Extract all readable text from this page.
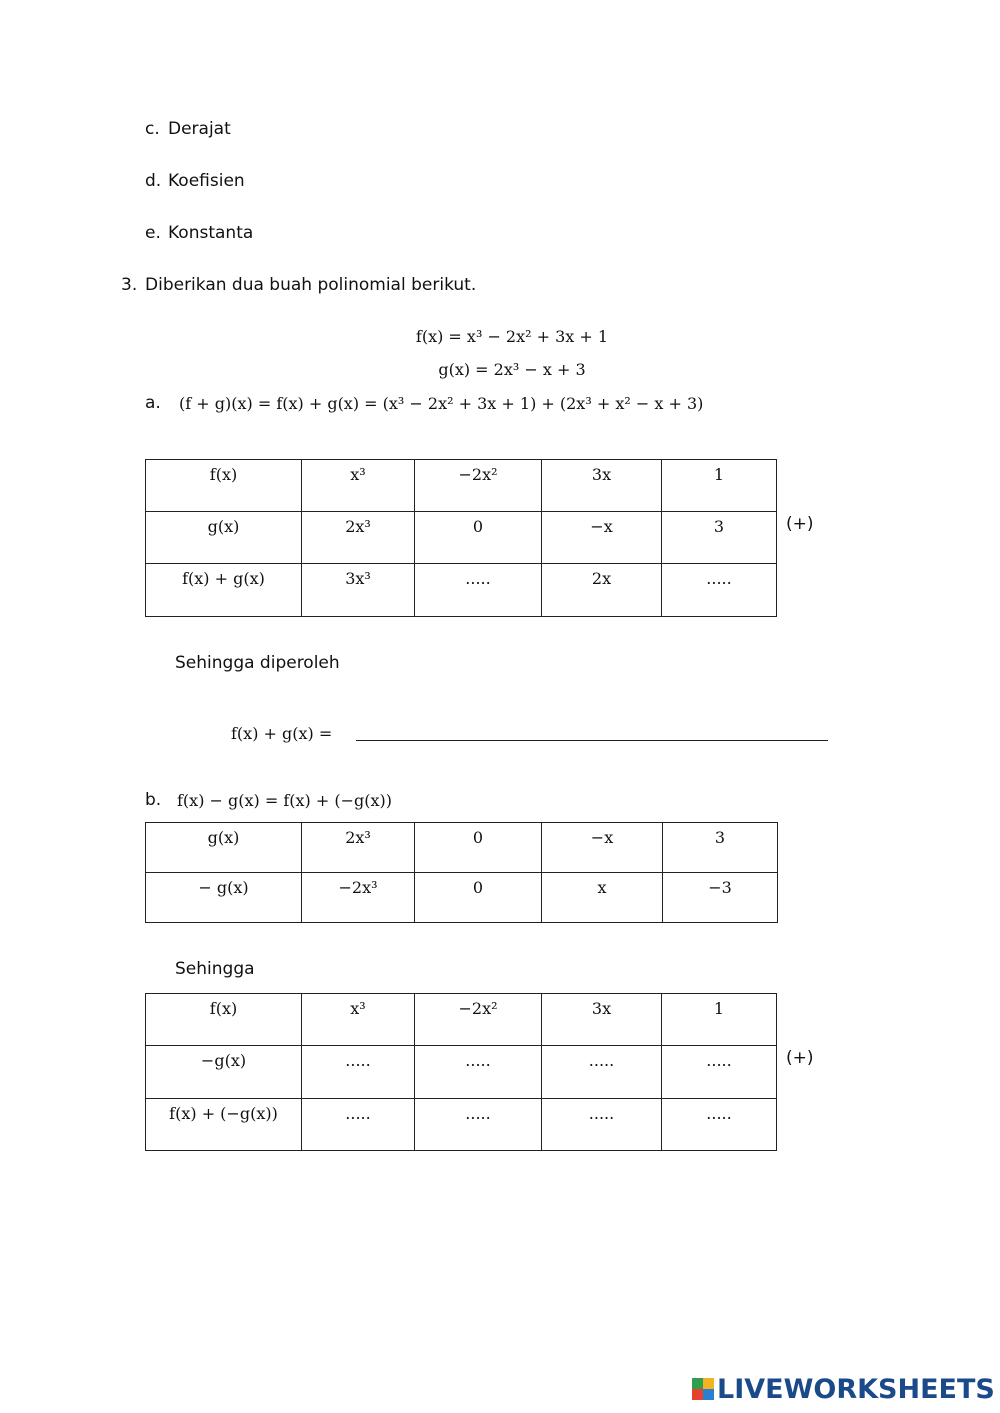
c. Derajat
d. Koefisien
e. Konstanta
3. Diberikan dua buah polinomial berikut.
f(x) = x³ − 2x² + 3x + 1
g(x) = 2x³ − x + 3
a. (f + g)(x) = f(x) + g(x) = (x³ − 2x² + 3x + 1) + (2x³ + x² − x + 3)
f(x)	x³	−2x²	3x	1
g(x)	2x³	0	−x	3
f(x) + g(x)	3x³	.....	2x	.....
(+)
Sehingga diperoleh
f(x) + g(x) =
b. f(x) − g(x) = f(x) + (−g(x))
g(x)	2x³	0	−x	3
− g(x)	−2x³	0	x	−3
Sehingga
f(x)	x³	−2x²	3x	1
−g(x)	.....	.....	.....	.....
f(x) + (−g(x))	.....	.....	.....	.....
(+)
LIVEWORKSHEETS
